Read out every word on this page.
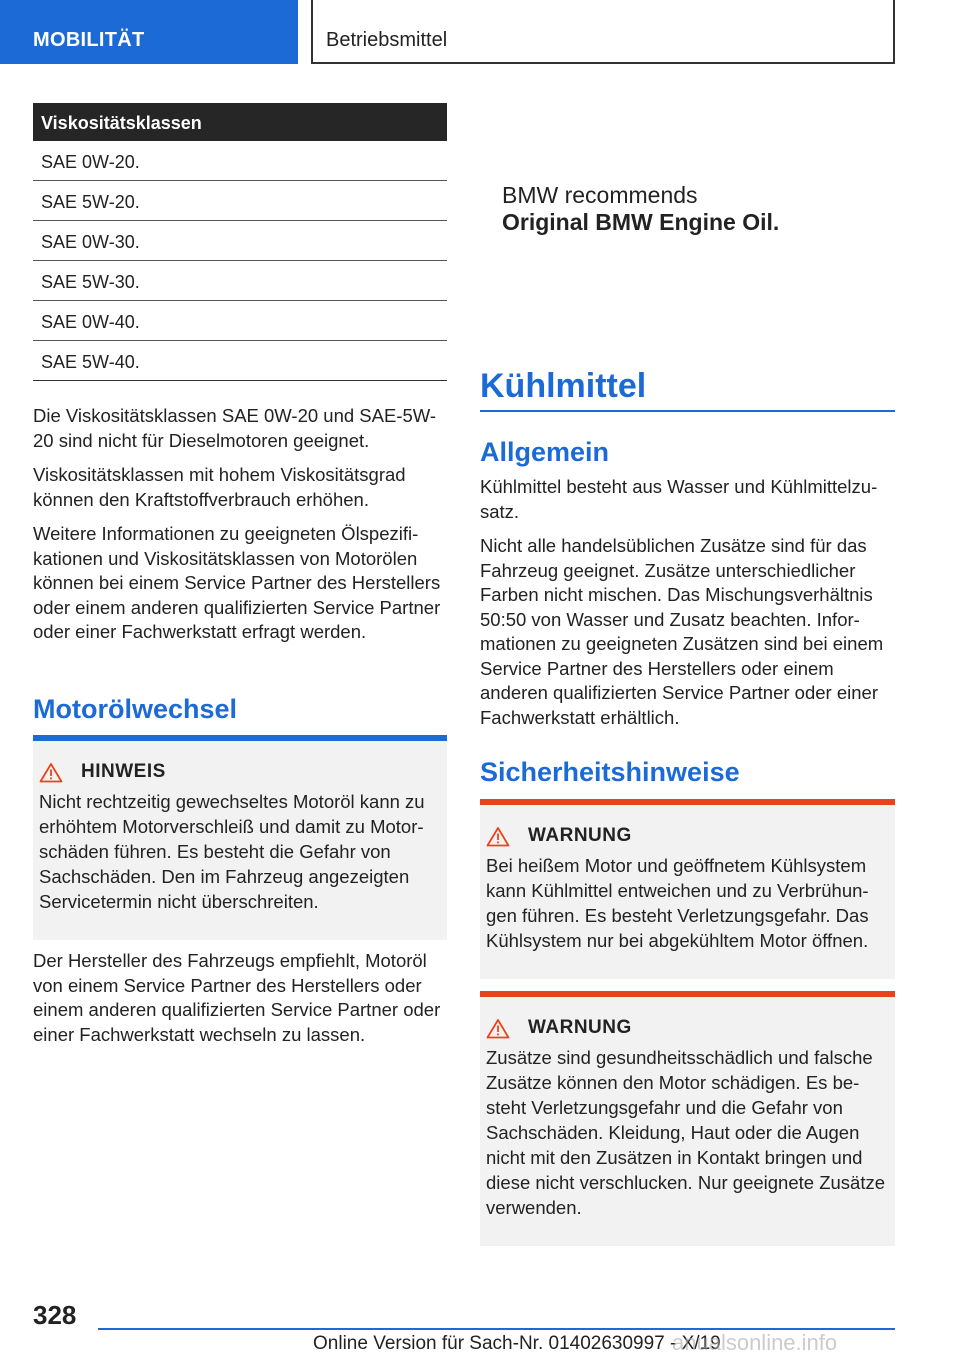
MOBILITÄT	Betriebsmittel
Viskositätsklassen
SAE 0W-20.
SAE 5W-20.
SAE 0W-30.
SAE 5W-30.
SAE 0W-40.
SAE 5W-40.

Die Viskositätsklassen SAE 0W-20 und SAE-5W-20 sind nicht für Dieselmotoren geeignet.

Viskositätsklassen mit hohem Viskositätsgrad können den Kraftstoffverbrauch erhöhen.

Weitere Informationen zu geeigneten Ölspezifikationen und Viskositätsklassen von Motorölen können bei einem Service Partner des Herstellers oder einem anderen qualifizierten Service Partner oder einer Fachwerkstatt erfragt werden.

Motorölwechsel
HINWEIS

Nicht rechtzeitig gewechseltes Motoröl kann zu erhöhtem Motorverschleiß und damit zu Motorschäden führen. Es besteht die Gefahr von Sachschäden. Den im Fahrzeug angezeigten Servicetermin nicht überschreiten.

Der Hersteller des Fahrzeugs empfiehlt, Motoröl von einem Service Partner des Herstellers oder einem anderen qualifizierten Service Partner oder einer Fachwerkstatt wechseln zu lassen.

BMW recommends
Original BMW Engine Oil.
Kühlmittel
Allgemein

Kühlmittel besteht aus Wasser und Kühlmittelzusatz.

Nicht alle handelsüblichen Zusätze sind für das Fahrzeug geeignet. Zusätze unterschiedlicher Farben nicht mischen. Das Mischungsverhältnis 50:50 von Wasser und Zusatz beachten. Informationen zu geeigneten Zusätzen sind bei einem Service Partner des Herstellers oder einem anderen qualifizierten Service Partner oder einer Fachwerkstatt erhältlich.

Sicherheitshinweise
WARNUNG

Bei heißem Motor und geöffnetem Kühlsystem kann Kühlmittel entweichen und zu Verbrühungen führen. Es besteht Verletzungsgefahr. Das Kühlsystem nur bei abgekühltem Motor öffnen.

WARNUNG

Zusätze sind gesundheitsschädlich und falsche Zusätze können den Motor schädigen. Es besteht Verletzungsgefahr und die Gefahr von Sachschäden. Kleidung, Haut oder die Augen nicht mit den Zusätzen in Kontakt bringen und diese nicht verschlucken. Nur geeignete Zusätze verwenden.

328
Online Version für Sach-Nr. 01402630997 - X/19
anualsonline.info
